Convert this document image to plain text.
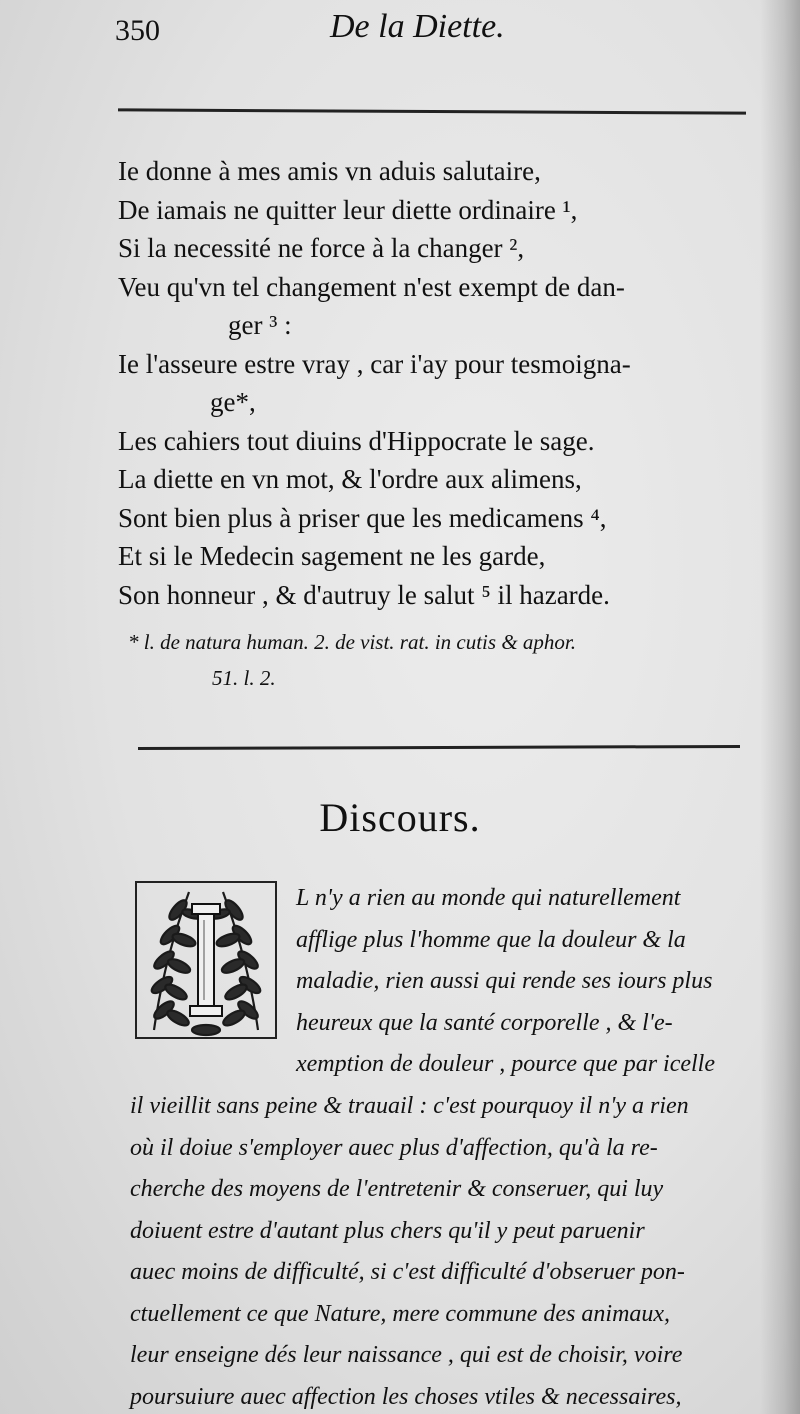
350	De la Diette.
Ie donne à mes amis vn aduis salutaire,
De iamais ne quitter leur diette ordinaire ¹,
Si la necessité ne force à la changer ²,
Veu qu'vn tel changement n'est exempt de dan-
ger ³ :
Ie l'asseure estre vray , car i'ay pour tesmoigna-
ge*,
Les cahiers tout diuins d'Hippocrate le sage.
La diette en vn mot, & l'ordre aux alimens,
Sont bien plus à priser que les medicamens ⁴,
Et si le Medecin sagement ne les garde,
Son honneur , & d'autruy le salut ⁵ il hazarde.
* l. de natura human. 2. de vist. rat. in cutis & aphor.
51. l. 2.
Discours.
L n'y a rien au monde qui naturellement
afflige plus l'homme que la douleur & la
maladie, rien aussi qui rende ses iours plus
heureux que la santé corporelle , & l'e-
xemption de douleur , pource que par icelle
il vieillit sans peine & trauail : c'est pourquoy il n'y a rien
où il doiue s'employer auec plus d'affection, qu'à la re-
cherche des moyens de l'entretenir & conseruer, qui luy
doiuent estre d'autant plus chers qu'il y peut paruenir
auec moins de difficulté, si c'est difficulté d'obseruer pon-
ctuellement ce que Nature, mere commune des animaux,
leur enseigne dés leur naissance , qui est de choisir, voire
poursuiure auec affection les choses vtiles & necessaires,
